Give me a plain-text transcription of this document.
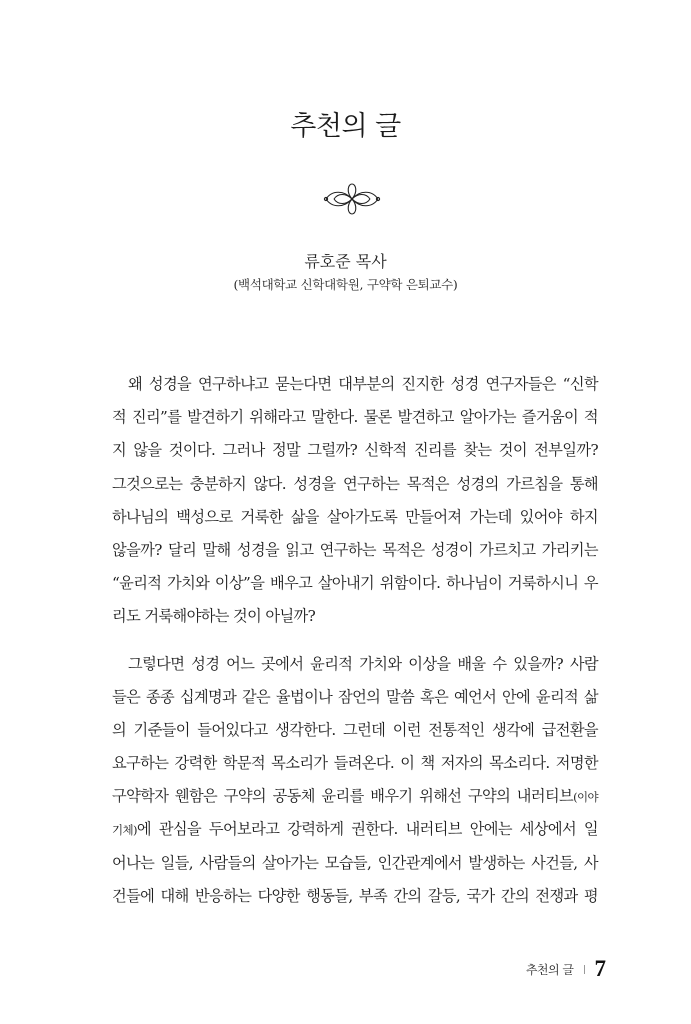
추천의 글
류호준 목사
(백석대학교 신학대학원, 구약학 은퇴교수)
왜 성경을 연구하냐고 묻는다면 대부분의 진지한 성경 연구자들은 “신학
적 진리”를 발견하기 위해라고 말한다. 물론 발견하고 알아가는 즐거움이 적
지 않을 것이다. 그러나 정말 그럴까? 신학적 진리를 찾는 것이 전부일까?
그것으로는 충분하지 않다. 성경을 연구하는 목적은 성경의 가르침을 통해
하나님의 백성으로 거룩한 삶을 살아가도록 만들어져 가는데 있어야 하지
않을까? 달리 말해 성경을 읽고 연구하는 목적은 성경이 가르치고 가리키는
“윤리적 가치와 이상”을 배우고 살아내기 위함이다. 하나님이 거룩하시니 우
리도 거룩해야하는 것이 아닐까?
그렇다면 성경 어느 곳에서 윤리적 가치와 이상을 배울 수 있을까? 사람
들은 종종 십계명과 같은 율법이나 잠언의 말씀 혹은 예언서 안에 윤리적 삶
의 기준들이 들어있다고 생각한다. 그런데 이런 전통적인 생각에 급전환을
요구하는 강력한 학문적 목소리가 들려온다. 이 책 저자의 목소리다. 저명한
구약학자 웬함은 구약의 공동체 윤리를 배우기 위해선 구약의 내러티브(이야
기체)에 관심을 두어보라고 강력하게 권한다. 내러티브 안에는 세상에서 일
어나는 일들, 사람들의 살아가는 모습들, 인간관계에서 발생하는 사건들, 사
건들에 대해 반응하는 다양한 행동들, 부족 간의 갈등, 국가 간의 전쟁과 평
추천의 글 7
